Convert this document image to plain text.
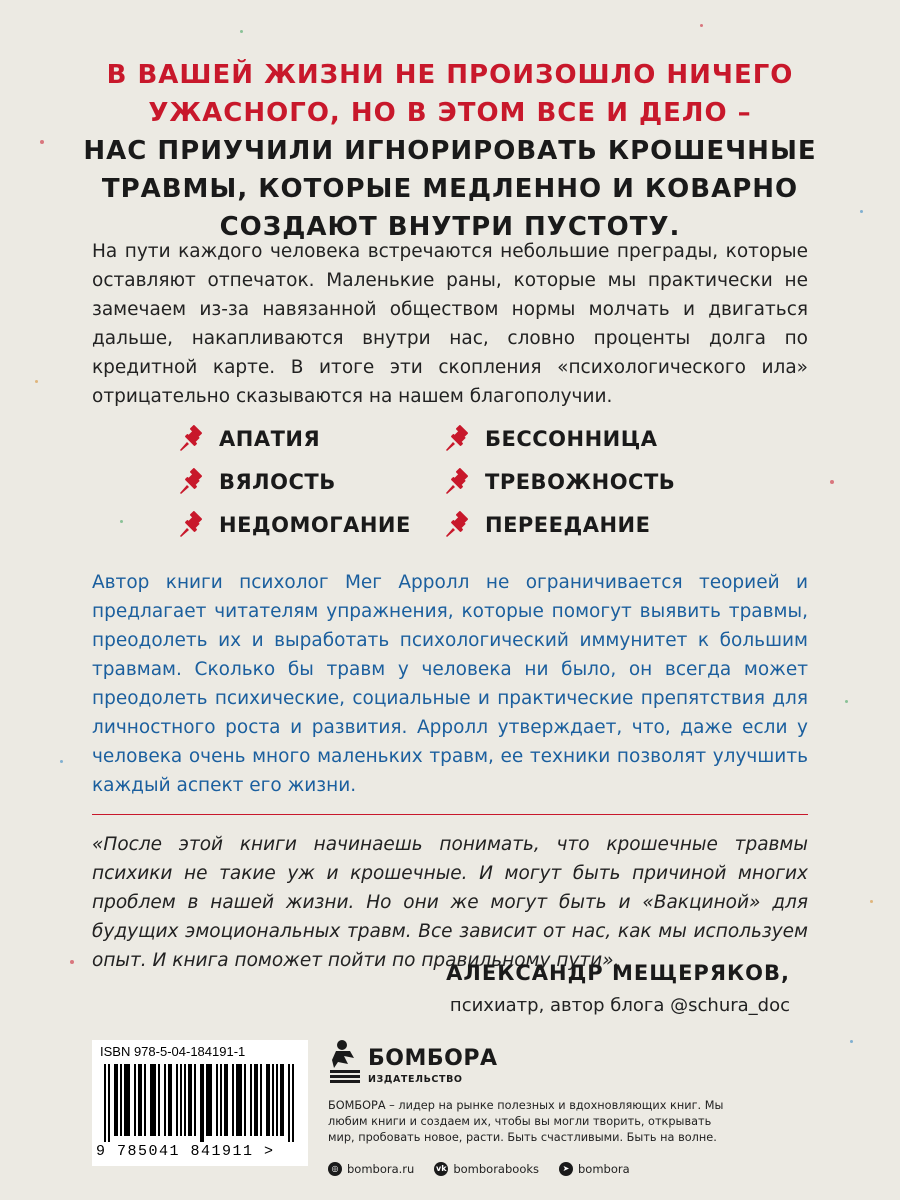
В ВАШЕЙ ЖИЗНИ НЕ ПРОИЗОШЛО НИЧЕГО
УЖАСНОГО, НО В ЭТОМ ВСЕ И ДЕЛО –
НАС ПРИУЧИЛИ ИГНОРИРОВАТЬ КРОШЕЧНЫЕ
ТРАВМЫ, КОТОРЫЕ МЕДЛЕННО И КОВАРНО
СОЗДАЮТ ВНУТРИ ПУСТОТУ.
На пути каждого человека встречаются небольшие преграды, которые оставляют отпечаток. Маленькие раны, которые мы практически не замечаем из-за навязанной обществом нормы молчать и двигаться дальше, накапливаются внутри нас, словно проценты долга по кредитной карте. В итоге эти скопления «психологического ила» отрицательно сказываются на нашем благополучии.
АПАТИЯ	БЕССОННИЦА
ВЯЛОСТЬ	ТРЕВОЖНОСТЬ
НЕДОМОГАНИЕ	ПЕРЕЕДАНИЕ
Автор книги психолог Мег Арролл не ограничивается теорией и предлагает читателям упражнения, которые помогут выявить травмы, преодолеть их и выработать психологический иммунитет к большим травмам. Сколько бы травм у человека ни было, он всегда может преодолеть психические, социальные и практические препятствия для личностного роста и развития. Арролл утверждает, что, даже если у человека очень много маленьких травм, ее техники позволят улучшить каждый аспект его жизни.
«После этой книги начинаешь понимать, что крошечные травмы психики не такие уж и крошечные. И могут быть причиной многих проблем в нашей жизни. Но они же могут быть и «Вакциной» для будущих эмоциональных травм. Все зависит от нас, как мы используем опыт. И книга поможет пойти по правильному пути».
АЛЕКСАНДР МЕЩЕРЯКОВ,
психиатр, автор блога @schura_doc
ISBN 978-5-04-184191-1
9 785041 841911 >
БОМБОРА
ИЗДАТЕЛЬСТВО
БОМБОРА – лидер на рынке полезных и вдохновляющих книг. Мы любим книги и создаем их, чтобы вы могли творить, открывать мир, пробовать новое, расти. Быть счастливыми. Быть на волне.
◎ bombora.ru	vk bomborabooks	➤ bombora
